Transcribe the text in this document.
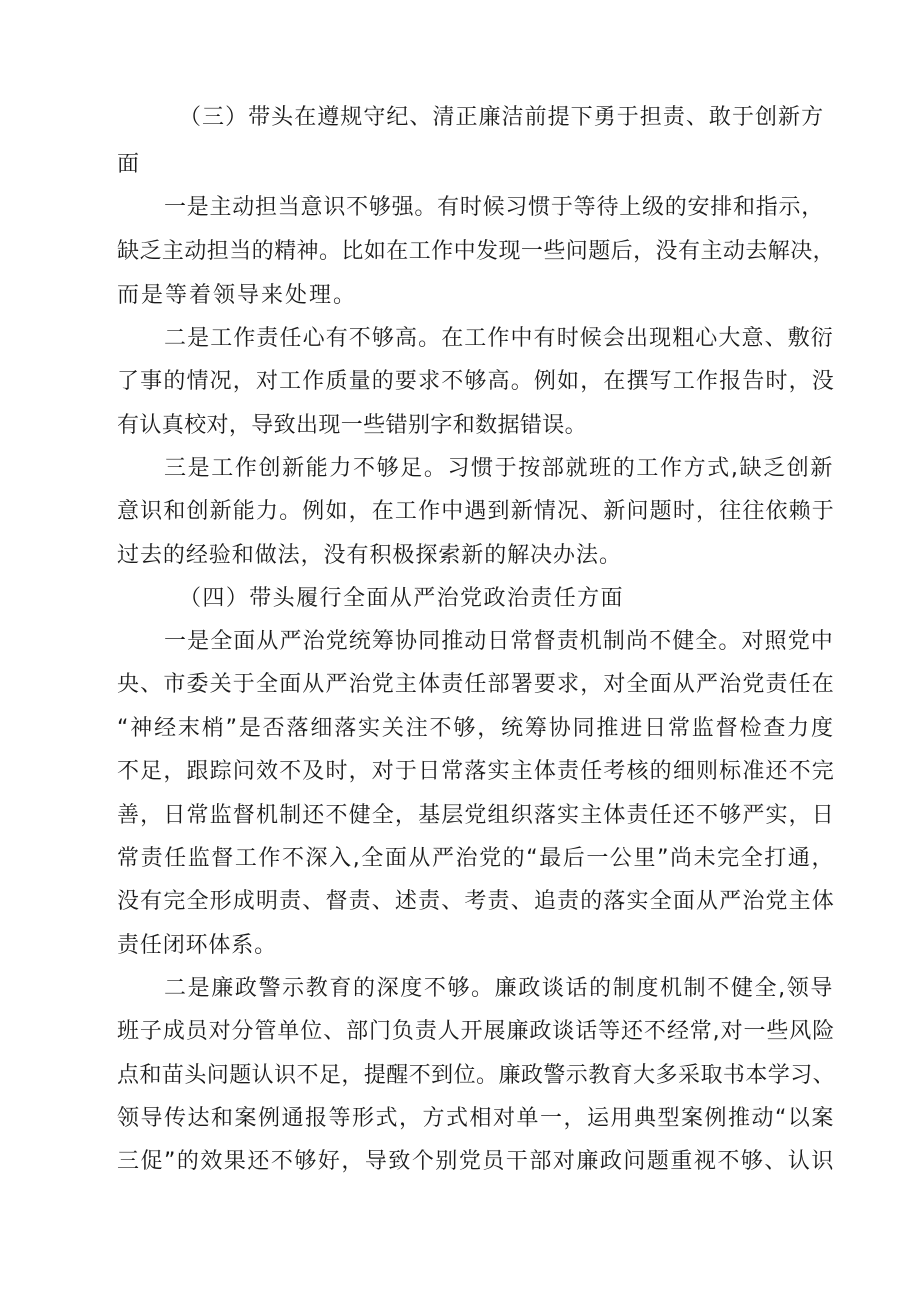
（三）带头在遵规守纪、清正廉洁前提下勇于担责、敢于创新方
面
一是主动担当意识不够强。有时候习惯于等待上级的安排和指示，
缺乏主动担当的精神。比如在工作中发现一些问题后，没有主动去解决，
而是等着领导来处理。
二是工作责任心有不够高。在工作中有时候会出现粗心大意、敷衍
了事的情况，对工作质量的要求不够高。例如，在撰写工作报告时，没
有认真校对，导致出现一些错别字和数据错误。
三是工作创新能力不够足。习惯于按部就班的工作方式,缺乏创新
意识和创新能力。例如，在工作中遇到新情况、新问题时，往往依赖于
过去的经验和做法，没有积极探索新的解决办法。
（四）带头履行全面从严治党政治责任方面
一是全面从严治党统筹协同推动日常督责机制尚不健全。对照党中
央、市委关于全面从严治党主体责任部署要求，对全面从严治党责任在
“神经末梢”是否落细落实关注不够，统筹协同推进日常监督检查力度
不足，跟踪问效不及时，对于日常落实主体责任考核的细则标准还不完
善，日常监督机制还不健全，基层党组织落实主体责任还不够严实，日
常责任监督工作不深入,全面从严治党的“最后一公里”尚未完全打通，
没有完全形成明责、督责、述责、考责、追责的落实全面从严治党主体
责任闭环体系。
二是廉政警示教育的深度不够。廉政谈话的制度机制不健全,领导
班子成员对分管单位、部门负责人开展廉政谈话等还不经常,对一些风险
点和苗头问题认识不足，提醒不到位。廉政警示教育大多采取书本学习、
领导传达和案例通报等形式，方式相对单一，运用典型案例推动“以案
三促”的效果还不够好，导致个别党员干部对廉政问题重视不够、认识
